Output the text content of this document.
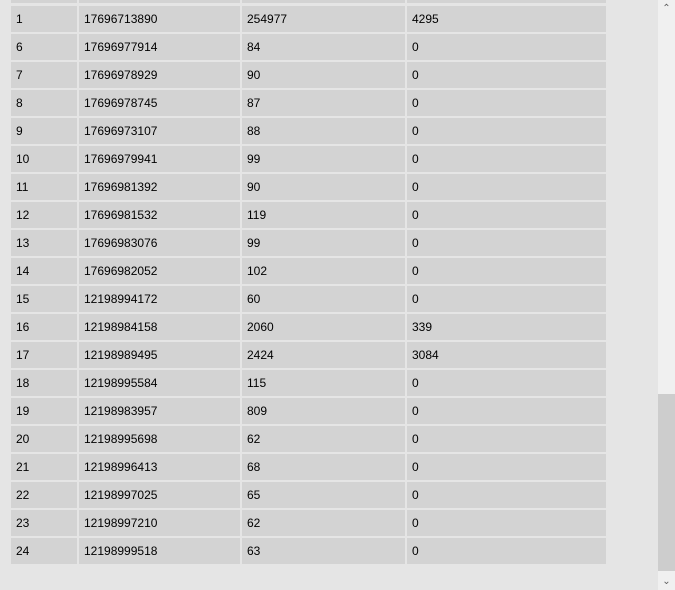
1	17696713890	254977	4295
6	17696977914	84	0
7	17696978929	90	0
8	17696978745	87	0
9	17696973107	88	0
10	17696979941	99	0
11	17696981392	90	0
12	17696981532	119	0
13	17696983076	99	0
14	17696982052	102	0
15	12198994172	60	0
16	12198984158	2060	339
17	12198989495	2424	3084
18	12198995584	115	0
19	12198983957	809	0
20	12198995698	62	0
21	12198996413	68	0
22	12198997025	65	0
23	12198997210	62	0
24	12198999518	63	0
⌃
⌄
